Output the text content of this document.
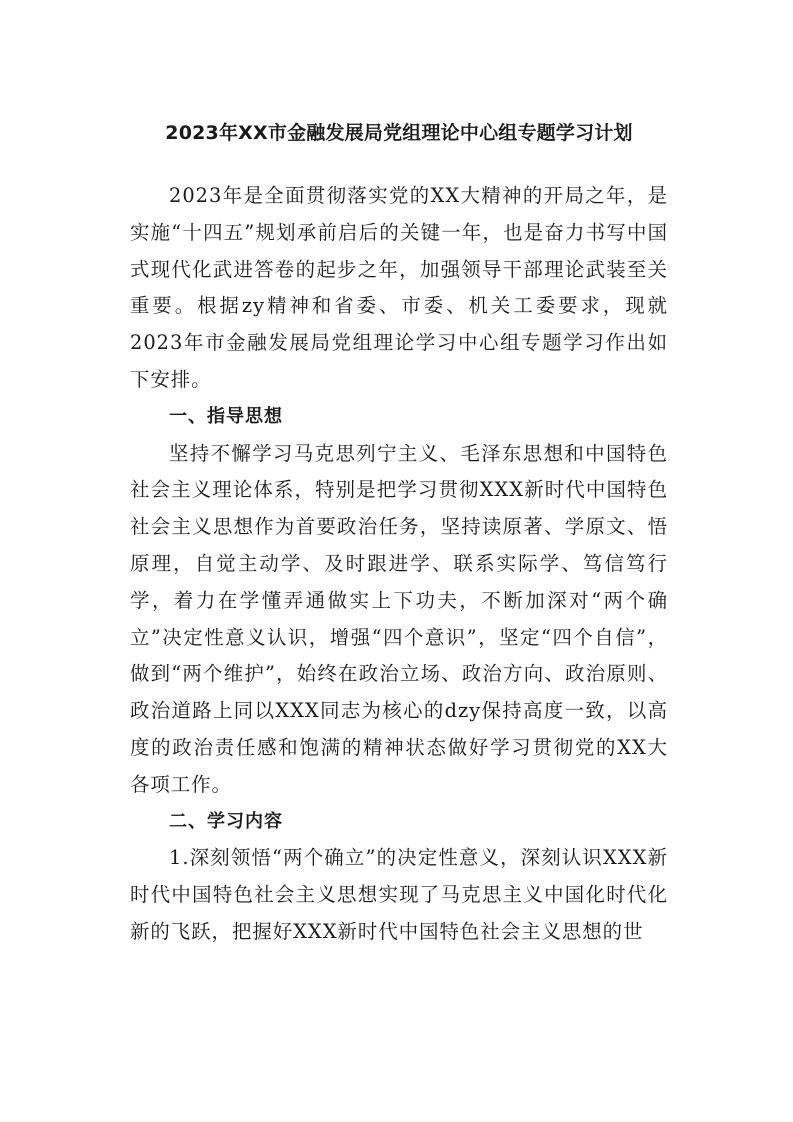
2023年XX市金融发展局党组理论中心组专题学习计划

2023年是全面贯彻落实党的XX大精神的开局之年，是实施“十四五”规划承前启后的关键一年，也是奋力书写中国式现代化武进答卷的起步之年，加强领导干部理论武装至关重要。根据zy精神和省委、市委、机关工委要求，现就2023年市金融发展局党组理论学习中心组专题学习作出如下安排。

一、指导思想

坚持不懈学习马克思列宁主义、毛泽东思想和中国特色社会主义理论体系，特别是把学习贯彻XXX新时代中国特色社会主义思想作为首要政治任务，坚持读原著、学原文、悟原理，自觉主动学、及时跟进学、联系实际学、笃信笃行学，着力在学懂弄通做实上下功夫，不断加深对“两个确立”决定性意义认识，增强“四个意识”，坚定“四个自信”，做到“两个维护”，始终在政治立场、政治方向、政治原则、政治道路上同以XXX同志为核心的dzy保持高度一致，以高度的政治责任感和饱满的精神状态做好学习贯彻党的XX大各项工作。

二、学习内容

1.深刻领悟“两个确立”的决定性意义，深刻认识XXX新时代中国特色社会主义思想实现了马克思主义中国化时代化新的飞跃，把握好XXX新时代中国特色社会主义思想的世
